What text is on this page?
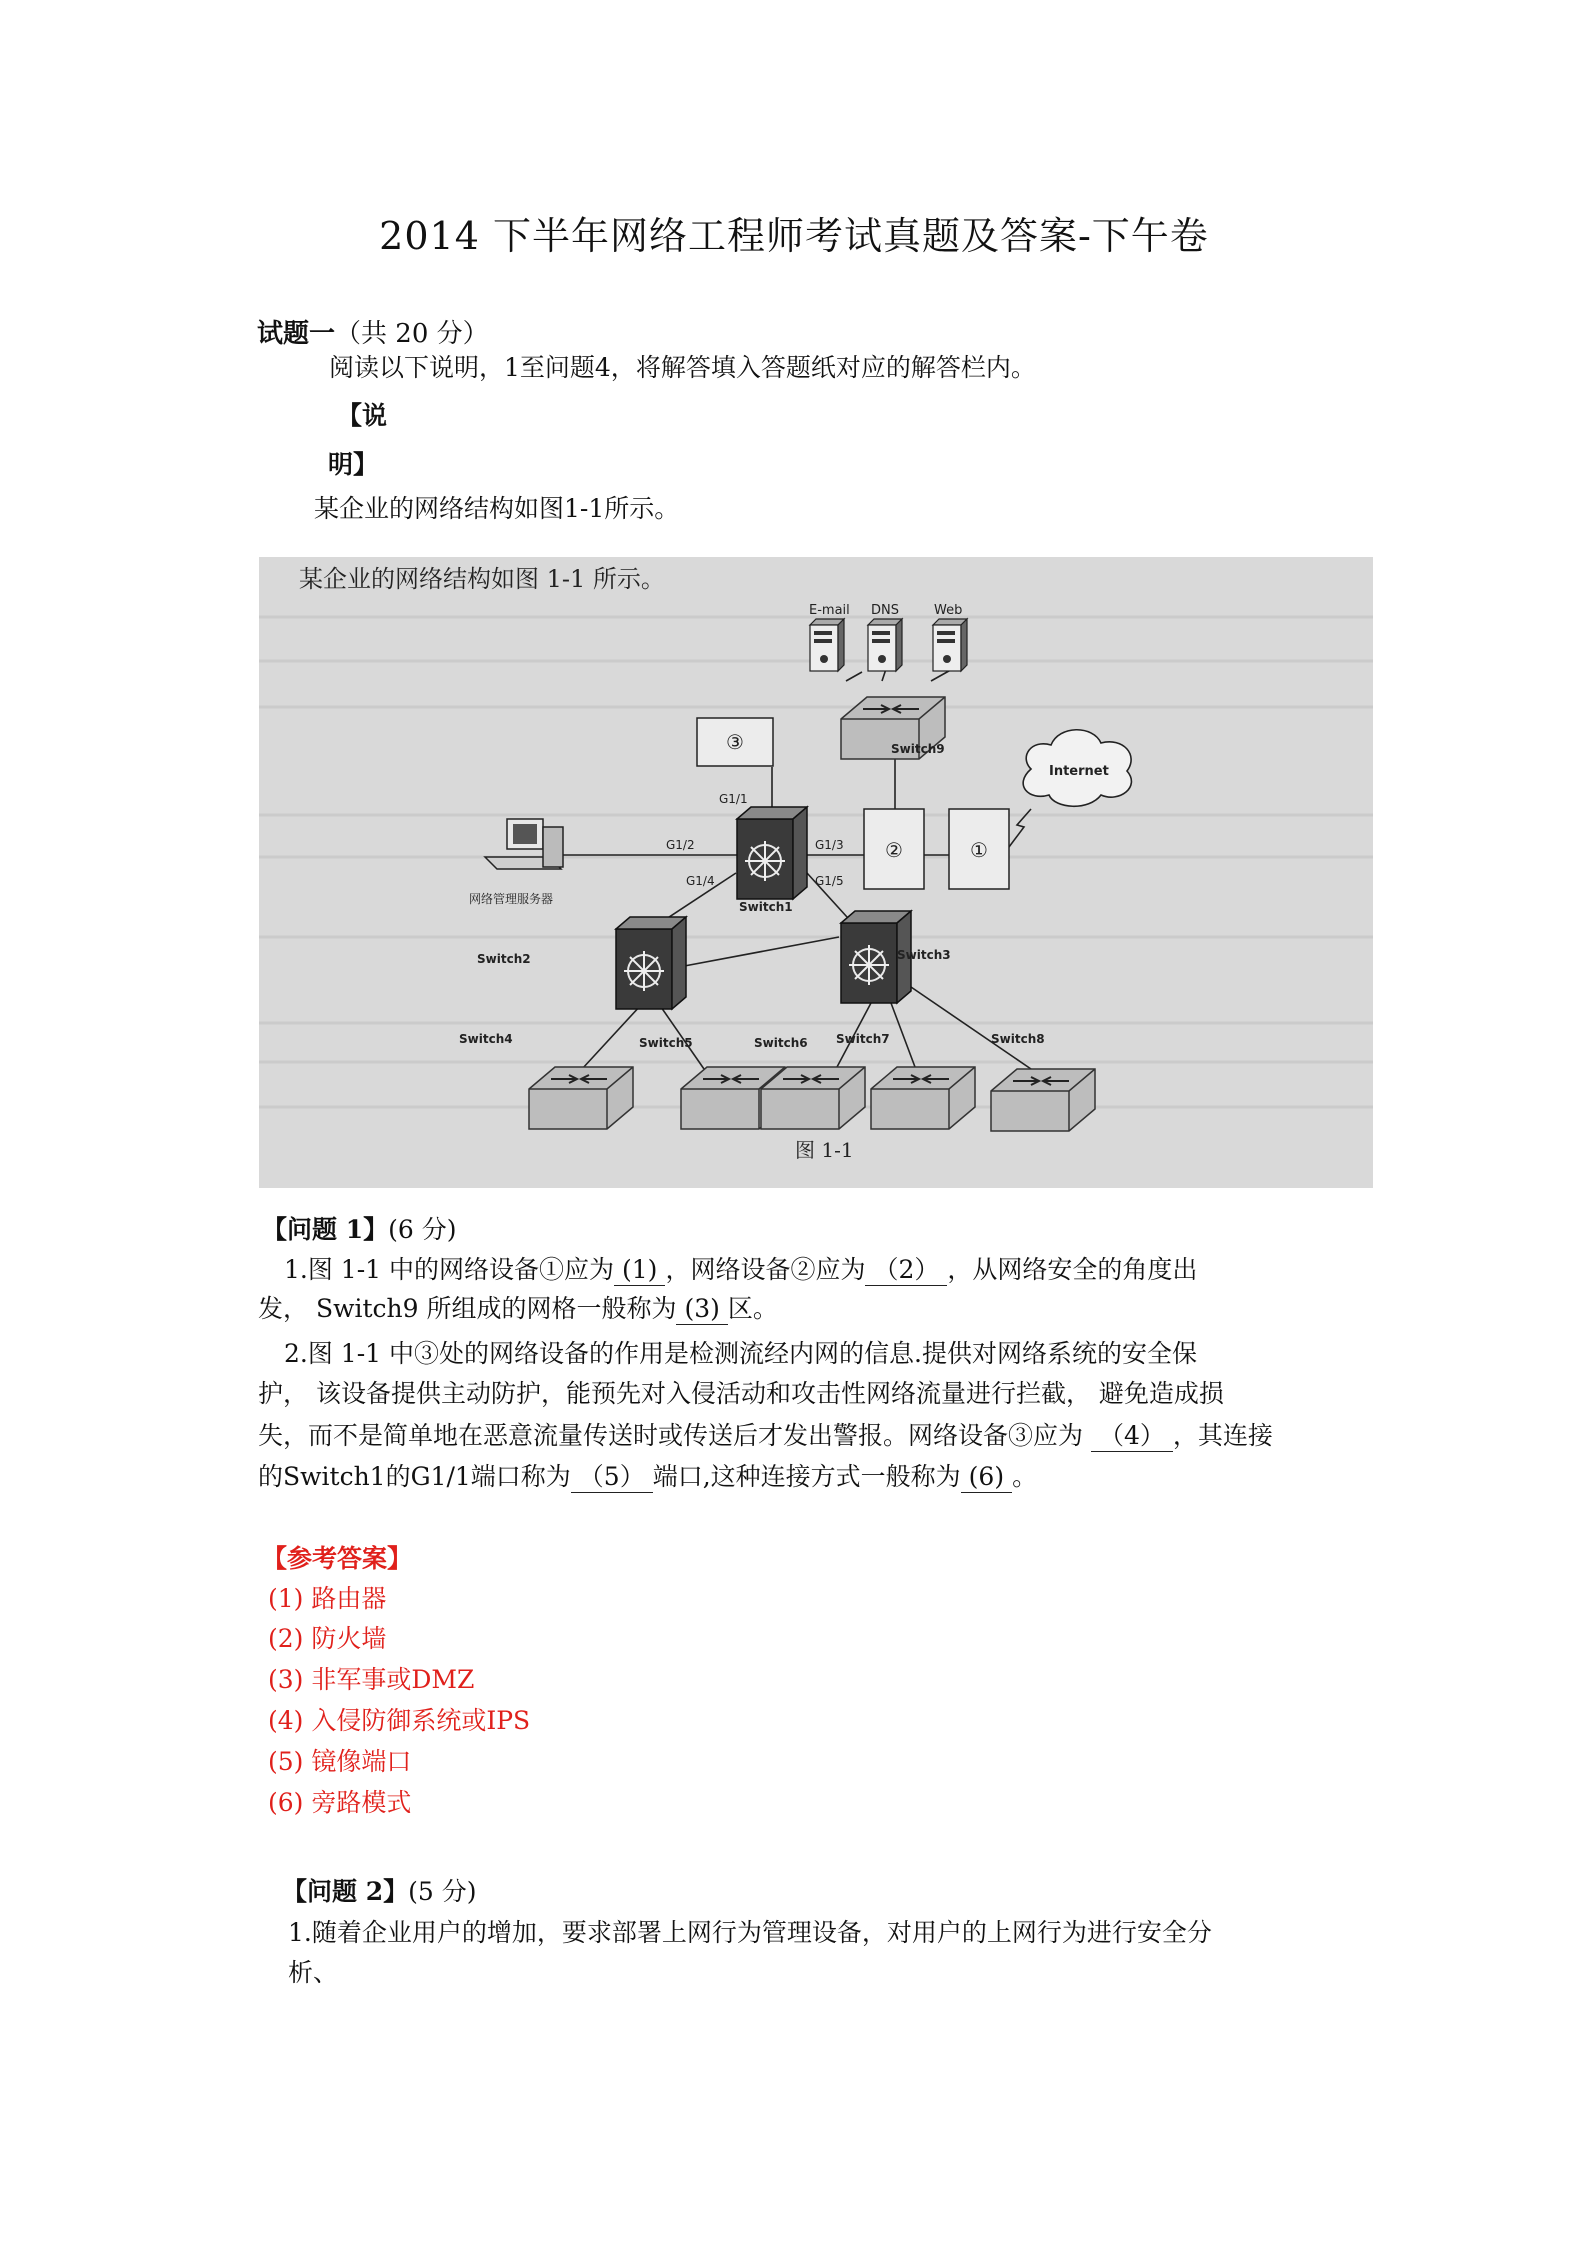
2014 下半年网络工程师考试真题及答案-下午卷
试题一（共 20 分）
阅读以下说明，1至问题4，将解答填入答题纸对应的解答栏内。
【说
明】
某企业的网络结构如图1-1所示。
某企业的网络结构如图 1-1 所示。
E-mail DNS	Web
Switch9
Internet
③
②	①
G1/1
G1/2	G1/3
G1/4	G1/5
Switch1
网络管理服务器
Switch2	Switch3
Switch4	Switch5	Switch6 Switch7	Switch8
图 1-1
【问题 1】(6 分)
1.图 1-1 中的网络设备①应为 (1) ，网络设备②应为 （2） ，从网络安全的角度出
发， Switch9 所组成的网格一般称为 (3) 区。
2.图 1-1 中③处的网络设备的作用是检测流经内网的信息.提供对网络系统的安全保
护， 该设备提供主动防护，能预先对入侵活动和攻击性网络流量进行拦截， 避免造成损
失，而不是简单地在恶意流量传送时或传送后才发出警报。网络设备③应为 （4） ，其连接
的Switch1的G1/1端口称为 （5） 端口,这种连接方式一般称为 (6) 。
【参考答案】
(1) 路由器
(2) 防火墙
(3) 非军事或DMZ
(4) 入侵防御系统或IPS
(5) 镜像端口
(6) 旁路模式
【问题 2】(5 分)
1.随着企业用户的增加，要求部署上网行为管理设备，对用户的上网行为进行安全分
析、
